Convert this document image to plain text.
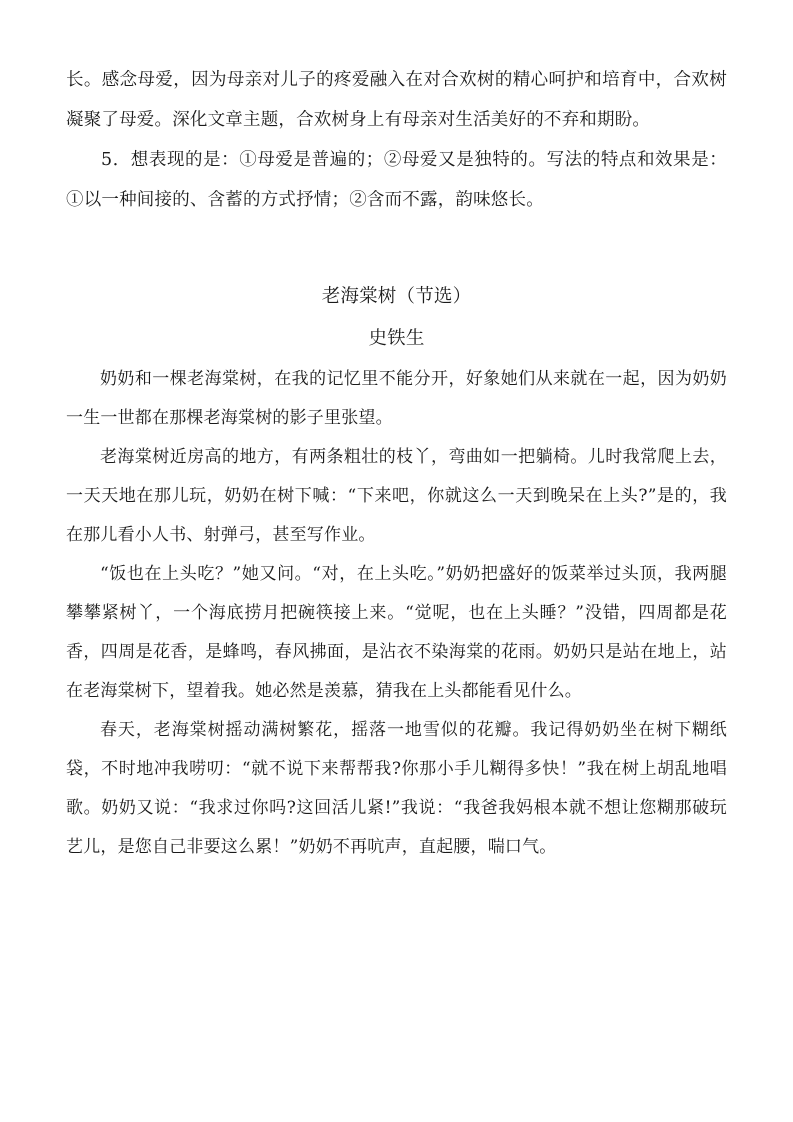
长。感念母爱，因为母亲对儿子的疼爱融入在对合欢树的精心呵护和培育中，合欢树凝聚了母爱。深化文章主题，合欢树身上有母亲对生活美好的不弃和期盼。

5．想表现的是：①母爱是普遍的；②母爱又是独特的。写法的特点和效果是：①以一种间接的、含蓄的方式抒情；②含而不露，韵味悠长。

老海棠树（节选）

史铁生

奶奶和一棵老海棠树，在我的记忆里不能分开，好象她们从来就在一起，因为奶奶一生一世都在那棵老海棠树的影子里张望。

老海棠树近房高的地方，有两条粗壮的枝丫，弯曲如一把躺椅。儿时我常爬上去，一天天地在那儿玩，奶奶在树下喊：“下来吧，你就这么一天到晚呆在上头?”是的，我在那儿看小人书、射弹弓，甚至写作业。

“饭也在上头吃？”她又问。“对，在上头吃。”奶奶把盛好的饭菜举过头顶，我两腿攀攀紧树丫，一个海底捞月把碗筷接上来。“觉呢，也在上头睡？”没错，四周都是花香，四周是花香，是蜂鸣，春风拂面，是沾衣不染海棠的花雨。奶奶只是站在地上，站在老海棠树下，望着我。她必然是羡慕，猜我在上头都能看见什么。

春天，老海棠树摇动满树繁花，摇落一地雪似的花瓣。我记得奶奶坐在树下糊纸袋，不时地冲我唠叨：“就不说下来帮帮我?你那小手儿糊得多快！”我在树上胡乱地唱歌。奶奶又说：“我求过你吗?这回活儿紧!”我说：“我爸我妈根本就不想让您糊那破玩艺儿，是您自己非要这么累！”奶奶不再吭声，直起腰，喘口气。
